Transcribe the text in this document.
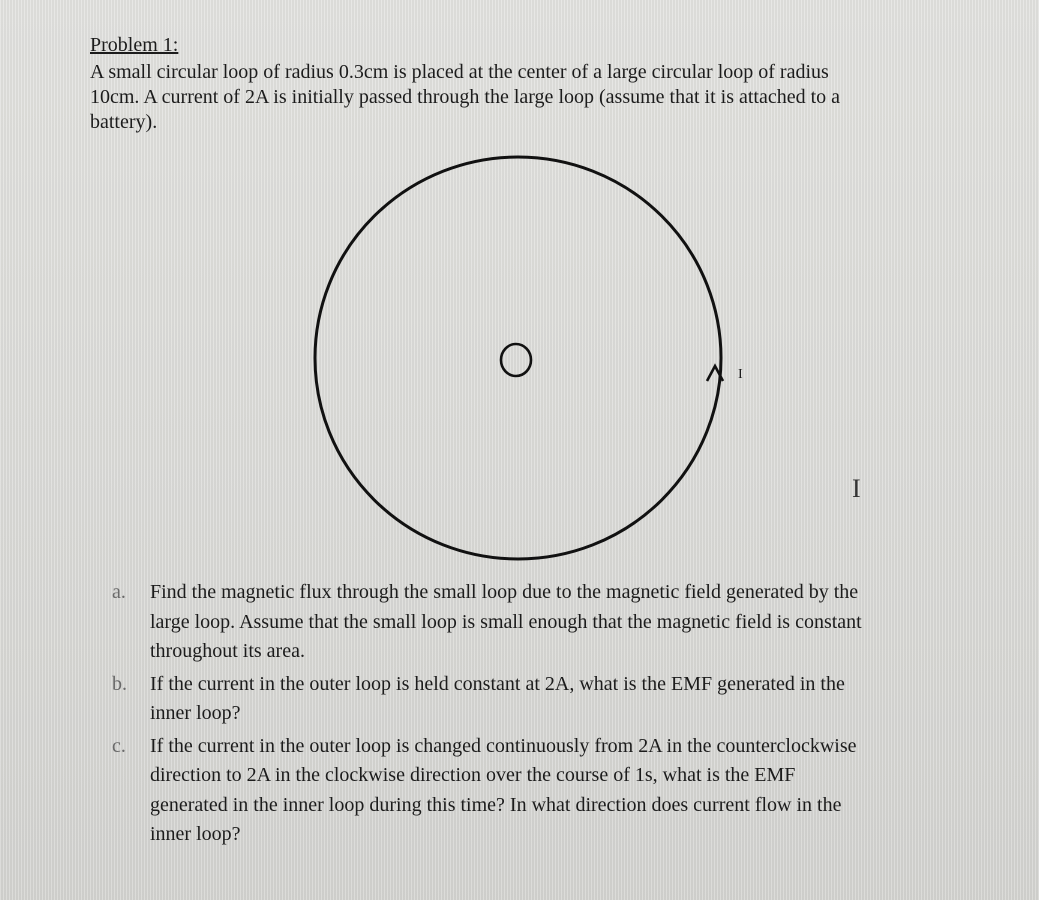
Problem 1:

A small circular loop of radius 0.3cm is placed at the center of a large circular loop of radius
10cm. A current of 2A is initially passed through the large loop (assume that it is attached to a
battery).

I
I
a. Find the magnetic flux through the small loop due to the magnetic field generated by the
large loop. Assume that the small loop is small enough that the magnetic field is constant
throughout its area.
b. If the current in the outer loop is held constant at 2A, what is the EMF generated in the
inner loop?
c. If the current in the outer loop is changed continuously from 2A in the counterclockwise
direction to 2A in the clockwise direction over the course of 1s, what is the EMF
generated in the inner loop during this time? In what direction does current flow in the
inner loop?
